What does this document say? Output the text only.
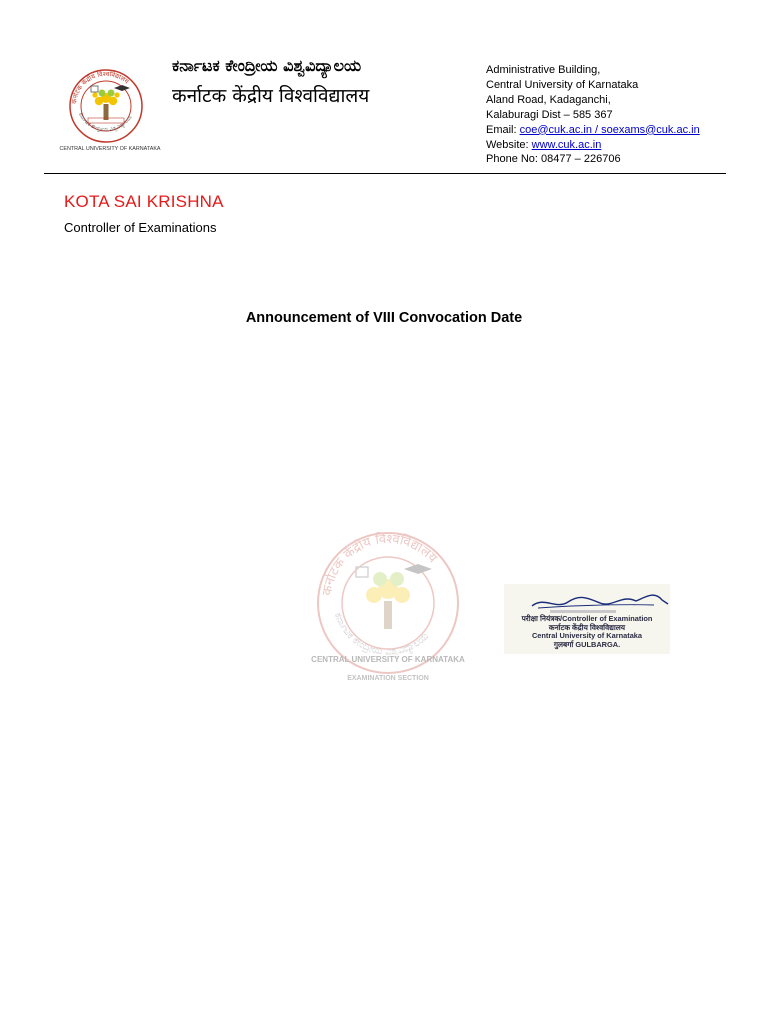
कर्नाटक केंद्रीय विश्वविद्यालय
ಕರ್ನಾಟಕ ಕೇಂದ್ರೀಯ ವಿಶ್ವವಿದ್ಯಾಲಯ
CENTRAL UNIVERSITY OF KARNATAKA
ಕರ್ನಾಟಕ ಕೇಂದ್ರೀಯ ವಿಶ್ವವಿದ್ಯಾಲಯ
कर्नाटक केंद्रीय विश्वविद्यालय
Administrative Building,
Central University of Karnataka
Aland Road, Kadaganchi,
Kalaburagi Dist – 585 367
Email: coe@cuk.ac.in / soexams@cuk.ac.in
Website: www.cuk.ac.in
Phone No: 08477 – 226706
KOTA SAI KRISHNA
Controller of Examinations
Announcement of VIII Convocation Date
कर्नाटक केंद्रीय विश्वविद्यालय
ಕರ್ನಾಟಕ ಕೇಂದ್ರೀಯ ವಿಶ್ವವಿದ್ಯಾಲಯ
CENTRAL UNIVERSITY OF KARNATAKA
EXAMINATION SECTION
परीक्षा नियंत्रक/Controller of Examination
कर्नाटक केंद्रीय विश्वविद्यालय
Central University of Karnataka
गुलबर्गा GULBARGA.
